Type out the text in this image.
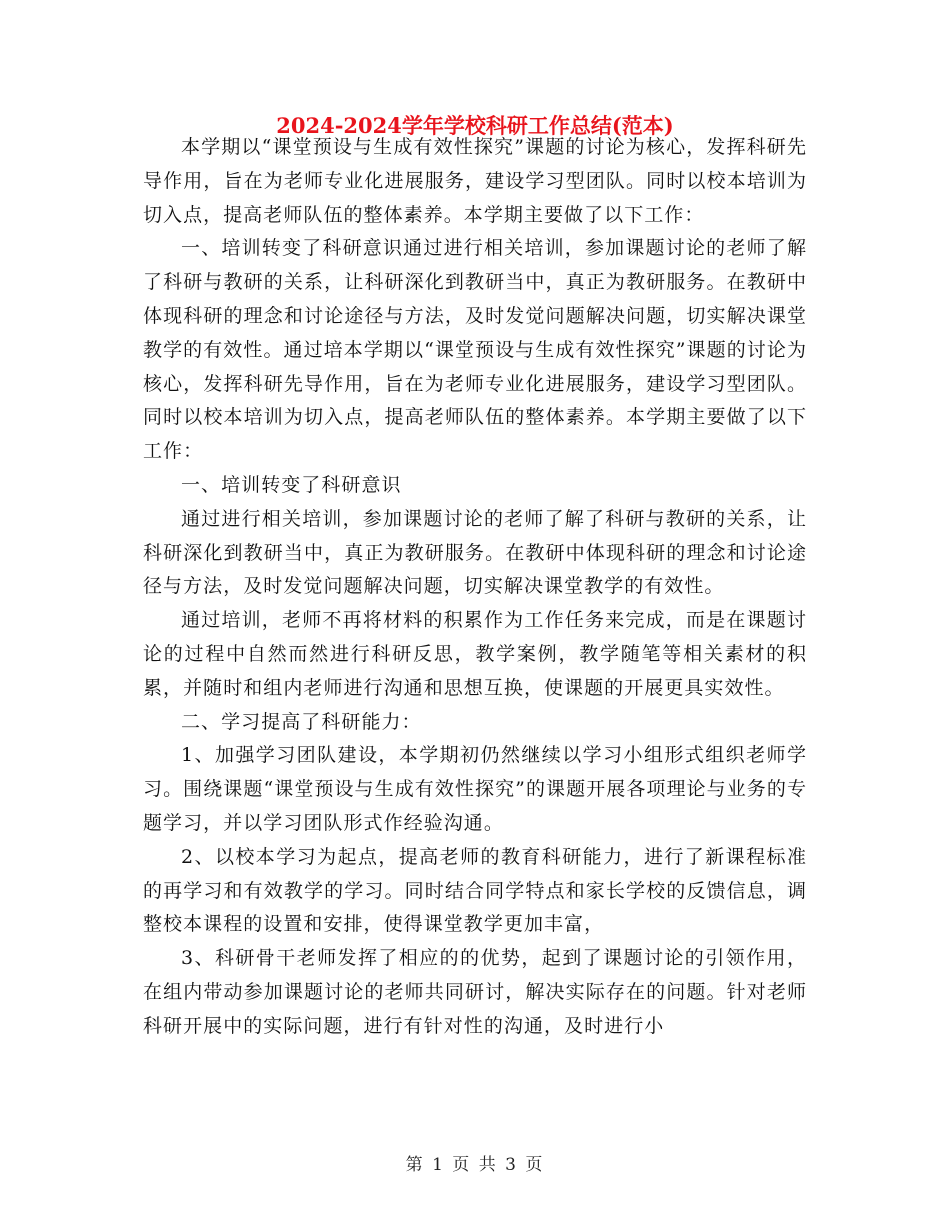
2024-2024学年学校科研工作总结(范本)

本学期以“课堂预设与生成有效性探究”课题的讨论为核心，发挥科研先导作用，旨在为老师专业化进展服务，建设学习型团队。同时以校本培训为切入点，提高老师队伍的整体素养。本学期主要做了以下工作：

一、培训转变了科研意识通过进行相关培训，参加课题讨论的老师了解了科研与教研的关系，让科研深化到教研当中，真正为教研服务。在教研中体现科研的理念和讨论途径与方法，及时发觉问题解决问题，切实解决课堂教学的有效性。通过培本学期以“课堂预设与生成有效性探究”课题的讨论为核心，发挥科研先导作用，旨在为老师专业化进展服务，建设学习型团队。同时以校本培训为切入点，提高老师队伍的整体素养。本学期主要做了以下工作：

一、培训转变了科研意识

通过进行相关培训，参加课题讨论的老师了解了科研与教研的关系，让科研深化到教研当中，真正为教研服务。在教研中体现科研的理念和讨论途径与方法，及时发觉问题解决问题，切实解决课堂教学的有效性。

通过培训，老师不再将材料的积累作为工作任务来完成，而是在课题讨论的过程中自然而然进行科研反思，教学案例，教学随笔等相关素材的积累，并随时和组内老师进行沟通和思想互换，使课题的开展更具实效性。

二、学习提高了科研能力：

1、加强学习团队建设，本学期初仍然继续以学习小组形式组织老师学习。围绕课题“课堂预设与生成有效性探究”的课题开展各项理论与业务的专题学习，并以学习团队形式作经验沟通。

2、以校本学习为起点，提高老师的教育科研能力，进行了新课程标准的再学习和有效教学的学习。同时结合同学特点和家长学校的反馈信息，调整校本课程的设置和安排，使得课堂教学更加丰富，

3、科研骨干老师发挥了相应的的优势，起到了课题讨论的引领作用，在组内带动参加课题讨论的老师共同研讨，解决实际存在的问题。针对老师科研开展中的实际问题，进行有针对性的沟通，及时进行小

第 1 页 共 3 页
